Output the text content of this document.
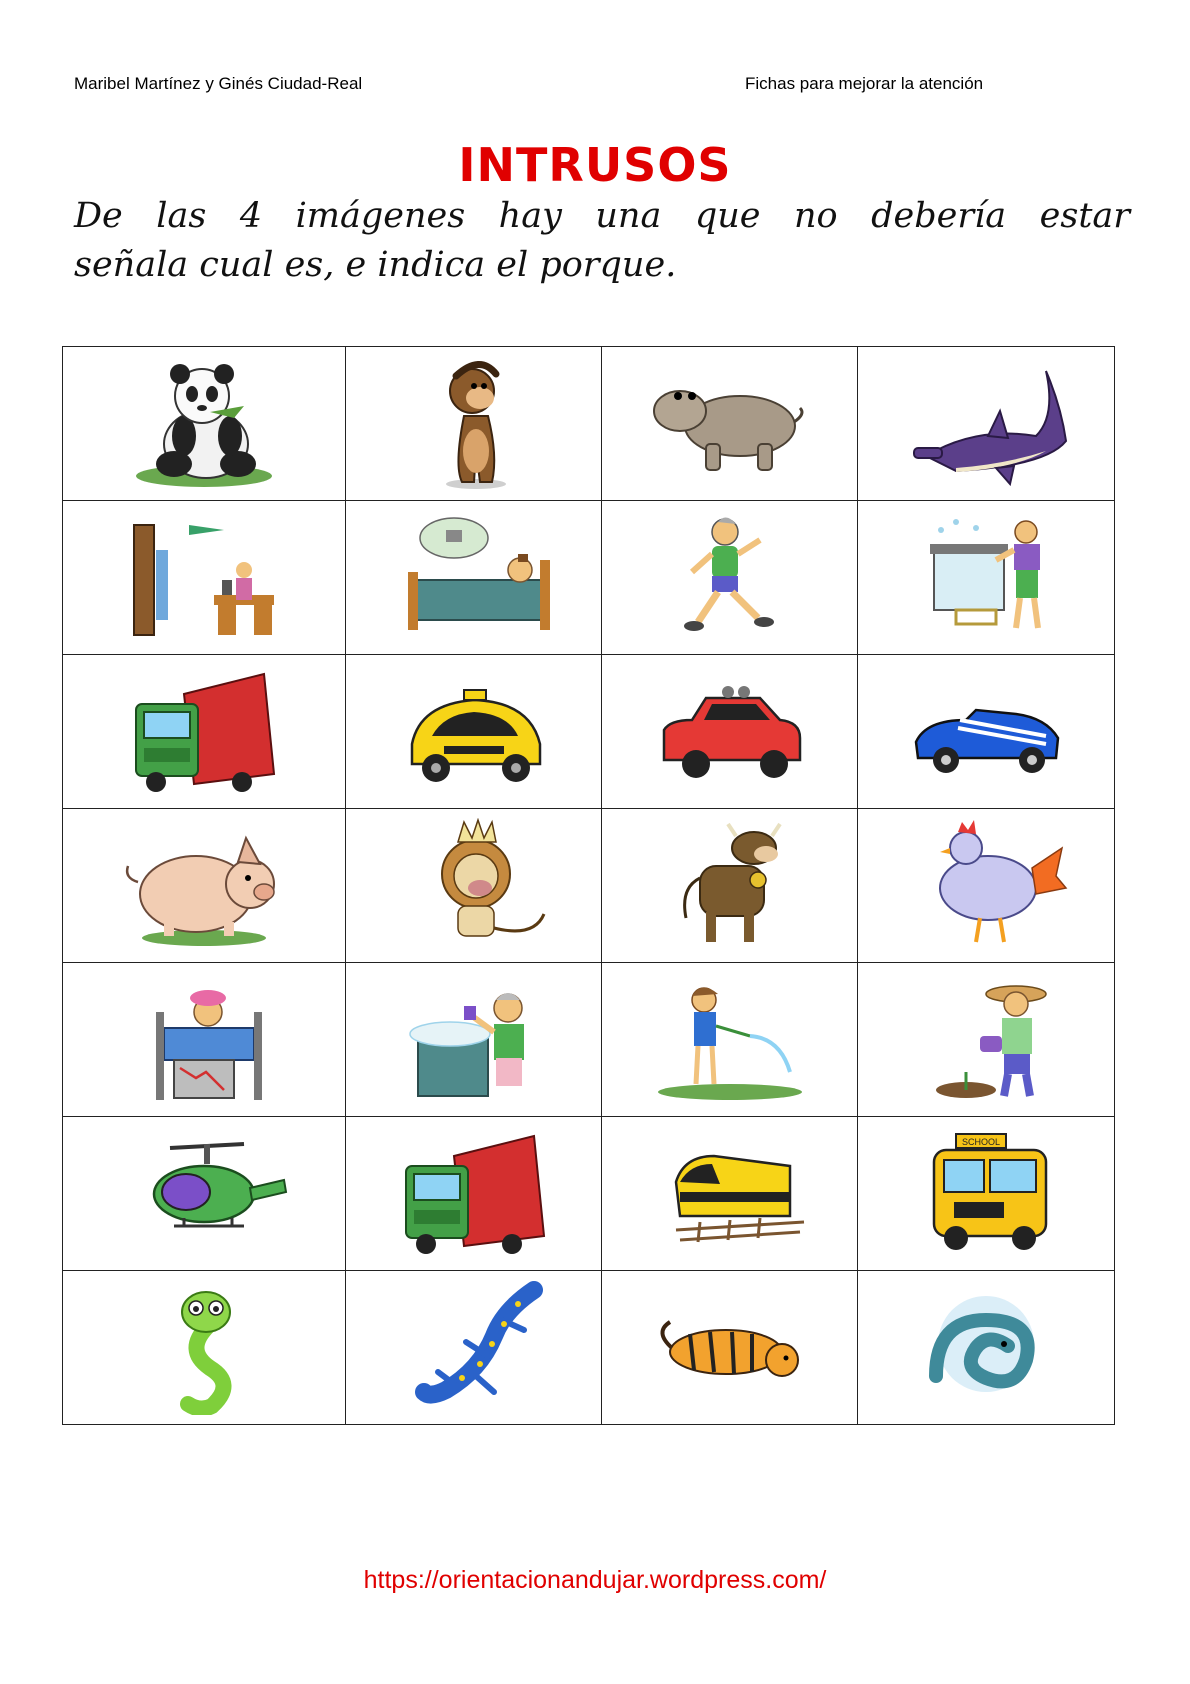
Maribel Martínez y Ginés Ciudad-Real	Fichas para mejorar la atención
INTRUSOS
De las 4 imágenes hay una que no debería estar
señala cual es, e indica el porque.

SCHOOL

https://orientacionandujar.wordpress.com/
